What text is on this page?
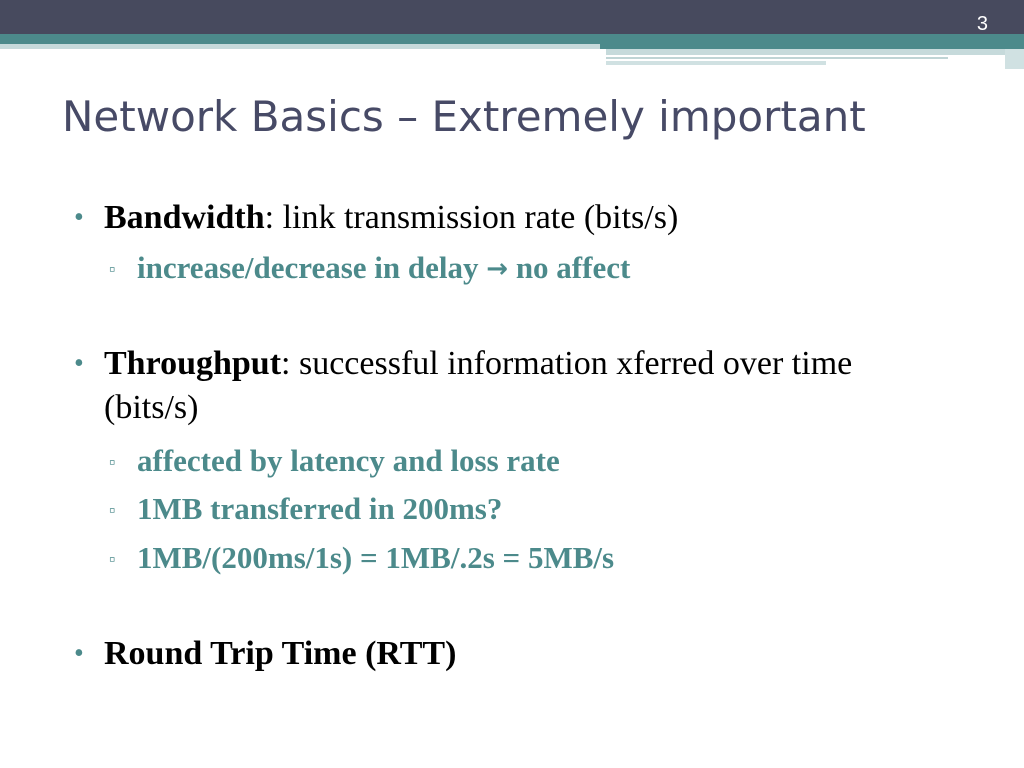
3
Network Basics – Extremely important
• Bandwidth: link transmission rate (bits/s)
▫ increase/decrease in delay → no affect
• Throughput: successful information xferred over time (bits/s)
▫ affected by latency and loss rate
▫ 1MB transferred in 200ms?
▫ 1MB/(200ms/1s) = 1MB/.2s = 5MB/s
• Round Trip Time (RTT)
